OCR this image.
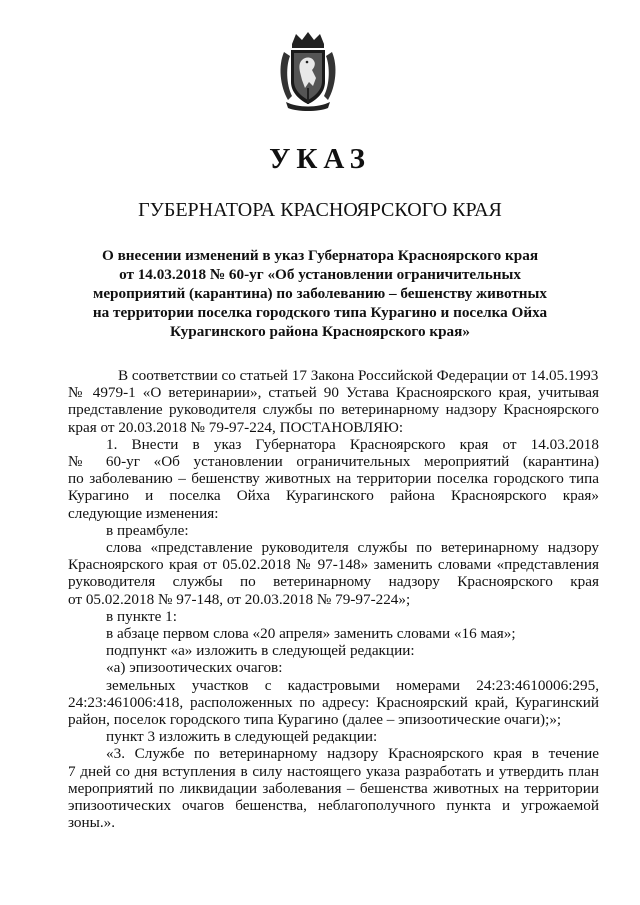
УКАЗ
ГУБЕРНАТОРА КРАСНОЯРСКОГО КРАЯ
О внесении изменений в указ Губернатора Красноярского края
от 14.03.2018 № 60-уг «Об установлении ограничительных
мероприятий (карантина) по заболеванию – бешенству животных
на территории поселка городского типа Курагино и поселка Ойха
Курагинского района Красноярского края»
В соответствии со статьей 17 Закона Российской Федерации от 14.05.1993
№ 4979-1 «О ветеринарии», статьей 90 Устава Красноярского края, учитывая
представление руководителя службы по ветеринарному надзору Красноярского
края от 20.03.2018 № 79-97-224, ПОСТАНОВЛЯЮ:
1. Внести в указ Губернатора Красноярского края от 14.03.2018
№ 60-уг «Об установлении ограничительных мероприятий (карантина)
по заболеванию – бешенству животных на территории поселка городского типа
Курагино и поселка Ойха Курагинского района Красноярского края»
следующие изменения:
в преамбуле:
слова «представление руководителя службы по ветеринарному надзору
Красноярского края от 05.02.2018 № 97-148» заменить словами «представления
руководителя службы по ветеринарному надзору Красноярского края
от 05.02.2018 № 97-148, от 20.03.2018 № 79-97-224»;
в пункте 1:
в абзаце первом слова «20 апреля» заменить словами «16 мая»;
подпункт «а» изложить в следующей редакции:
«а) эпизоотических очагов:
земельных участков с кадастровыми номерами 24:23:4610006:295,
24:23:461006:418, расположенных по адресу: Красноярский край, Курагинский
район, поселок городского типа Курагино (далее – эпизоотические очаги);»;
пункт 3 изложить в следующей редакции:
«3. Службе по ветеринарному надзору Красноярского края в течение
7 дней со дня вступления в силу настоящего указа разработать и утвердить план
мероприятий по ликвидации заболевания – бешенства животных на территории
эпизоотических очагов бешенства, неблагополучного пункта и угрожаемой
зоны.».
